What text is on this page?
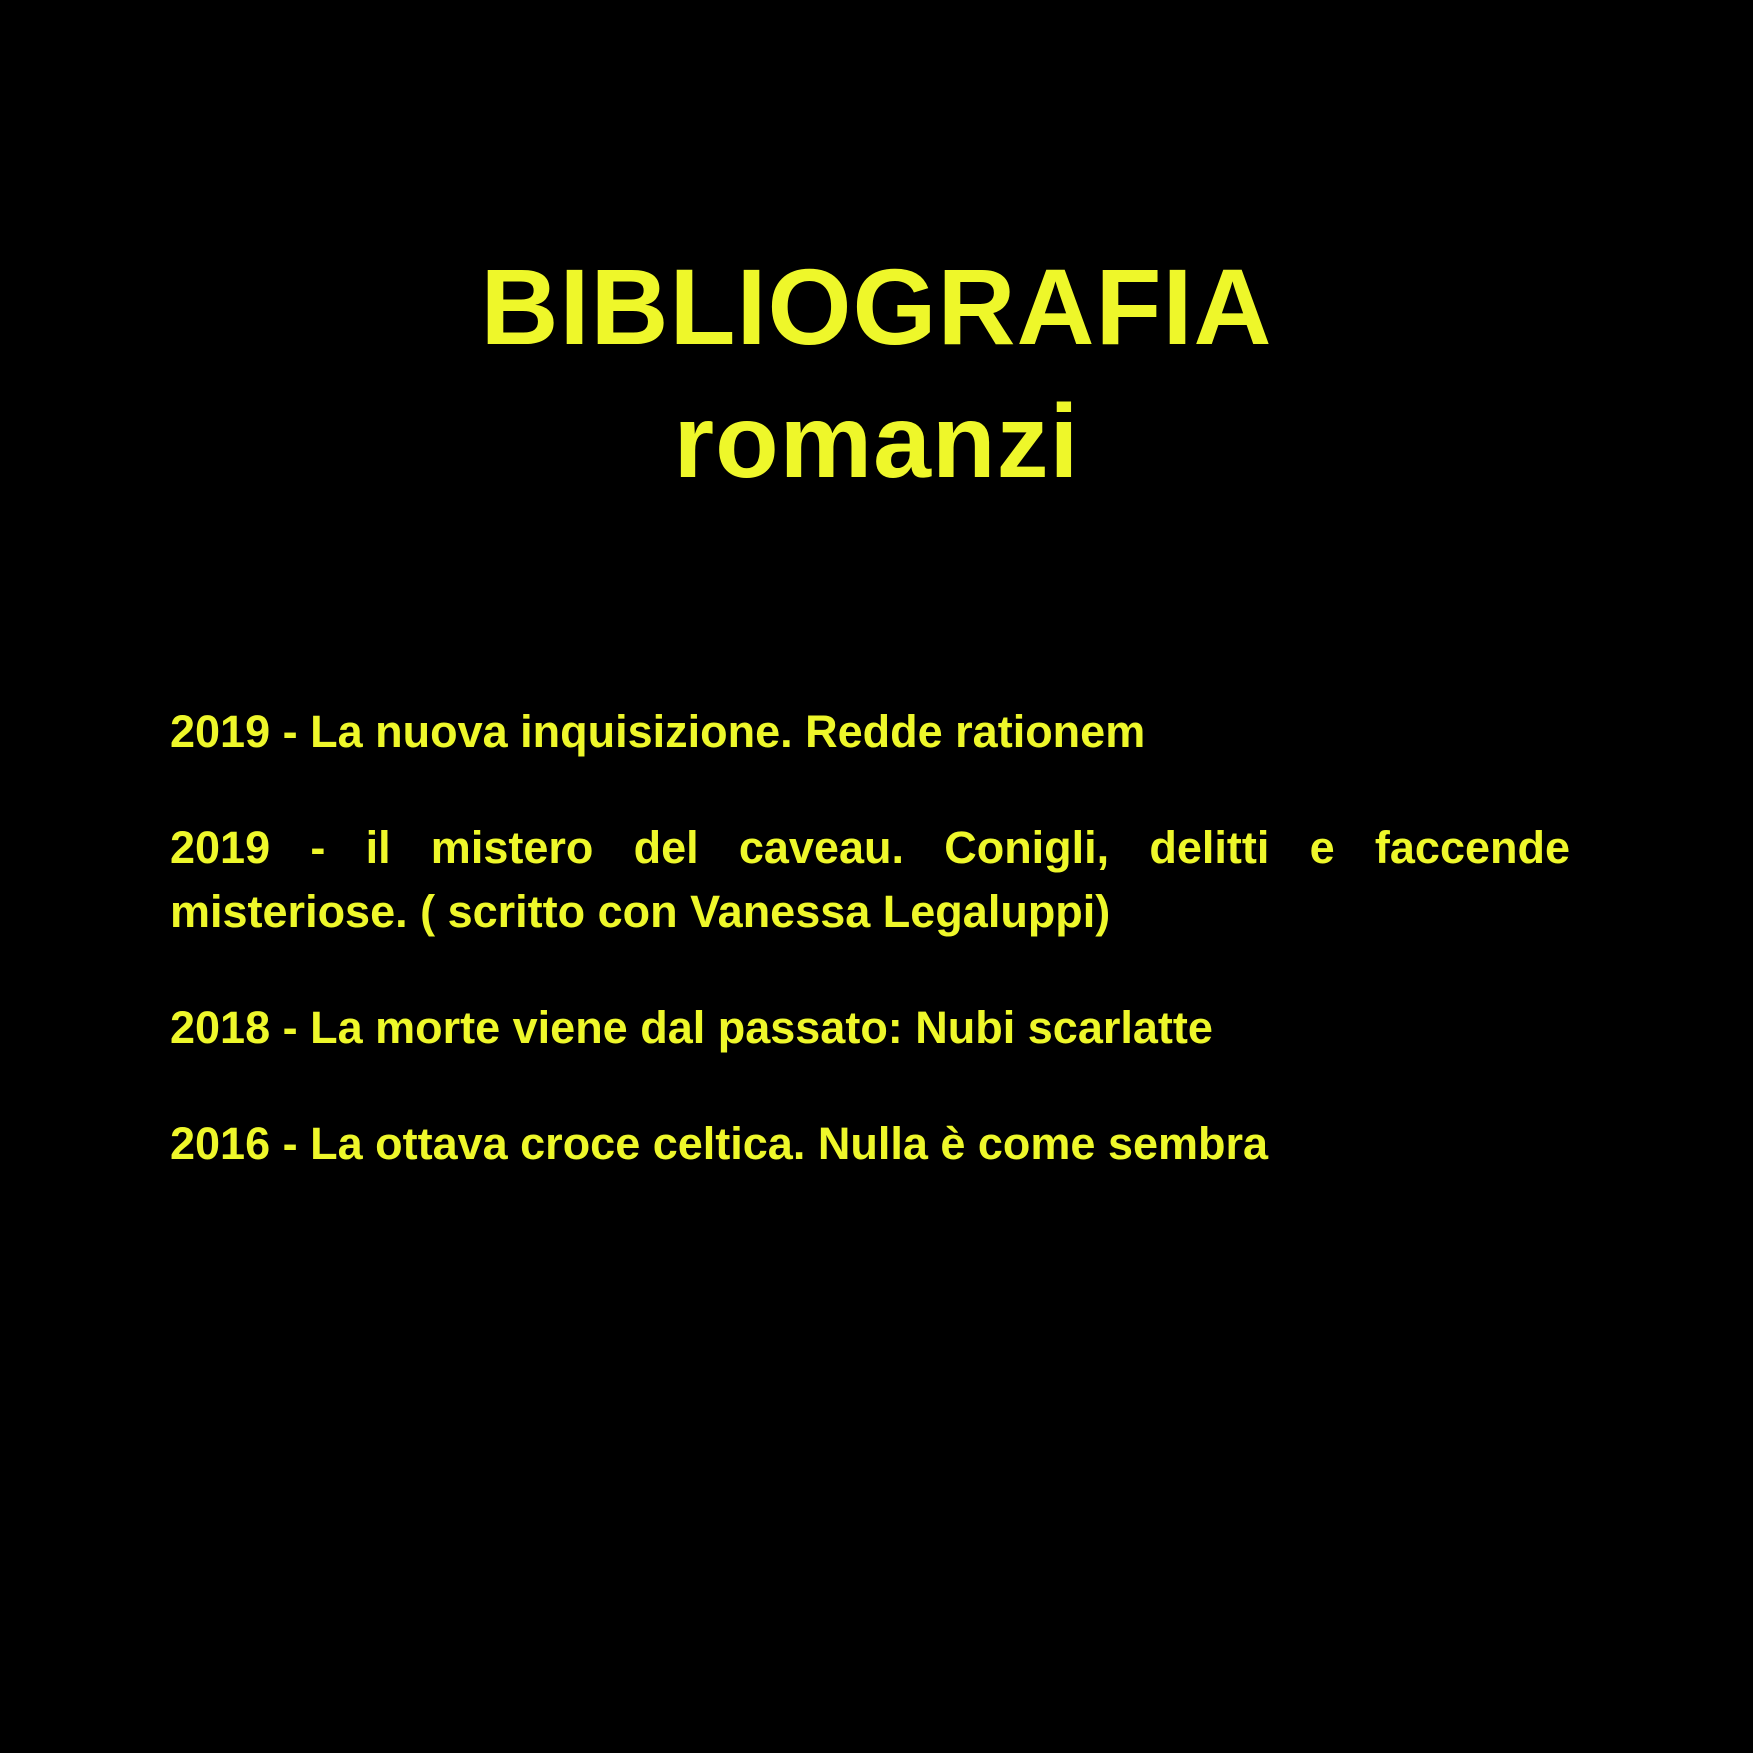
BIBLIOGRAFIA
romanzi
2019 - La nuova inquisizione. Redde rationem
2019 - il mistero del caveau. Conigli, delitti e faccende misteriose. ( scritto con Vanessa Legaluppi)
2018 - La morte viene dal passato: Nubi scarlatte
2016 - La ottava croce celtica. Nulla è come sembra
